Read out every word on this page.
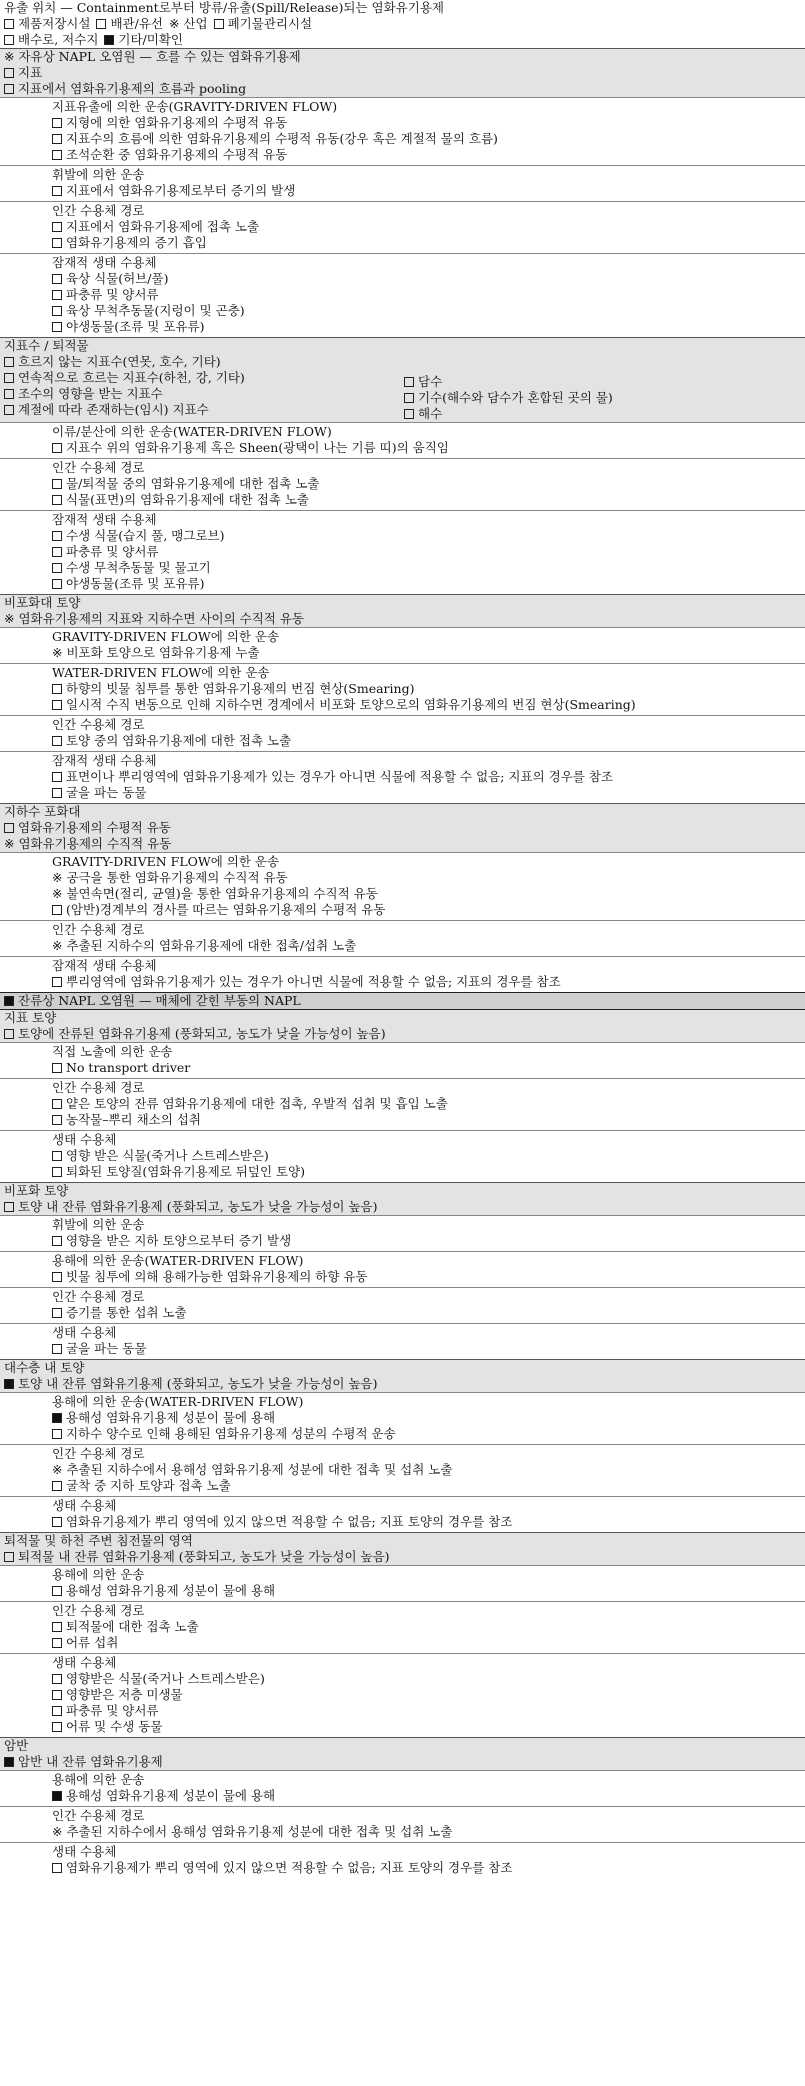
유출 위치 — Containment로부터 방류/유출(Spill/Release)되는 염화유기용제
제품저장시설 배관/유선 ※ 산업 폐기물관리시설
배수로, 저수지 기타/미확인
※ 자유상 NAPL 오염원 — 흐를 수 있는 염화유기용제
지표
지표에서 염화유기용제의 흐름과 pooling
지표유출에 의한 운송(GRAVITY-DRIVEN FLOW)
지형에 의한 염화유기용제의 수평적 유동
지표수의 흐름에 의한 염화유기용제의 수평적 유동(강우 혹은 계절적 물의 흐름)
조석순환 중 염화유기용제의 수평적 유동
휘발에 의한 운송
지표에서 염화유기용제로부터 증기의 발생
인간 수용체 경로
지표에서 염화유기용제에 접촉 노출
염화유기용제의 증기 흡입
잠재적 생태 수용체
육상 식물(허브/풀)
파충류 및 양서류
육상 무척추동물(지렁이 및 곤충)
야생동물(조류 및 포유류)
지표수 / 퇴적물
흐르지 않는 지표수(연못, 호수, 기타)
연속적으로 흐르는 지표수(하천, 강, 기타)
조수의 영향을 받는 지표수
계절에 따라 존재하는(임시) 지표수
담수
기수(해수와 담수가 혼합된 곳의 물)
해수
이류/분산에 의한 운송(WATER-DRIVEN FLOW)
지표수 위의 염화유기용제 혹은 Sheen(광택이 나는 기름 띠)의 움직임
인간 수용체 경로
물/퇴적물 중의 염화유기용제에 대한 접촉 노출
식물(표면)의 염화유기용제에 대한 접촉 노출
잠재적 생태 수용체
수생 식물(습지 풀, 맹그로브)
파충류 및 양서류
수생 무척추동물 및 물고기
야생동물(조류 및 포유류)
비포화대 토양
※ 염화유기용제의 지표와 지하수면 사이의 수직적 유동
GRAVITY-DRIVEN FLOW에 의한 운송
※ 비포화 토양으로 염화유기용제 누출
WATER-DRIVEN FLOW에 의한 운송
하향의 빗물 침투를 통한 염화유기용제의 번짐 현상(Smearing)
일시적 수직 변동으로 인해 지하수면 경계에서 비포화 토양으로의 염화유기용제의 번짐 현상(Smearing)
인간 수용체 경로
토양 중의 염화유기용제에 대한 접촉 노출
잠재적 생태 수용체
표면이나 뿌리영역에 염화유기용제가 있는 경우가 아니면 식물에 적용할 수 없음; 지표의 경우를 참조
굴을 파는 동물
지하수 포화대
염화유기용제의 수평적 유동
※ 염화유기용제의 수직적 유동
GRAVITY-DRIVEN FLOW에 의한 운송
※ 공극을 통한 염화유기용제의 수직적 유동
※ 불연속면(절리, 균열)을 통한 염화유기용제의 수직적 유동
(암반)경계부의 경사를 따르는 염화유기용제의 수평적 유동
인간 수용체 경로
※ 추출된 지하수의 염화유기용제에 대한 접촉/섭취 노출
잠재적 생태 수용체
뿌리영역에 염화유기용제가 있는 경우가 아니면 식물에 적용할 수 없음; 지표의 경우를 참조
잔류상 NAPL 오염원 — 매체에 갇힌 부동의 NAPL
지표 토양
토양에 잔류된 염화유기용제 (풍화되고, 농도가 낮을 가능성이 높음)
직접 노출에 의한 운송
No transport driver
인간 수용체 경로
얕은 토양의 잔류 염화유기용제에 대한 접촉, 우발적 섭취 및 흡입 노출
농작물–뿌리 채소의 섭취
생태 수용체
영향 받은 식물(죽거나 스트레스받은)
퇴화된 토양질(염화유기용제로 뒤덮인 토양)
비포화 토양
토양 내 잔류 염화유기용제 (풍화되고, 농도가 낮을 가능성이 높음)
휘발에 의한 운송
영향을 받은 지하 토양으로부터 증기 발생
용해에 의한 운송(WATER-DRIVEN FLOW)
빗물 침투에 의해 용해가능한 염화유기용제의 하향 유동
인간 수용체 경로
증기를 통한 섭취 노출
생태 수용체
굴을 파는 동물
대수층 내 토양
토양 내 잔류 염화유기용제 (풍화되고, 농도가 낮을 가능성이 높음)
용해에 의한 운송(WATER-DRIVEN FLOW)
용해성 염화유기용제 성분이 물에 용해
지하수 양수로 인해 용해된 염화유기용제 성분의 수평적 운송
인간 수용체 경로
※ 추출된 지하수에서 용해성 염화유기용제 성분에 대한 접촉 및 섭취 노출
굴착 중 지하 토양과 접촉 노출
생태 수용체
염화유기용제가 뿌리 영역에 있지 않으면 적용할 수 없음; 지표 토양의 경우를 참조
퇴적물 및 하천 주변 침전물의 영역
퇴적물 내 잔류 염화유기용제 (풍화되고, 농도가 낮을 가능성이 높음)
용해에 의한 운송
용해성 염화유기용제 성분이 물에 용해
인간 수용체 경로
퇴적물에 대한 접촉 노출
어류 섭취
생태 수용체
영향받은 식물(죽거나 스트레스받은)
영향받은 저층 미생물
파충류 및 양서류
어류 및 수생 동물
암반
암반 내 잔류 염화유기용제
용해에 의한 운송
용해성 염화유기용제 성분이 물에 용해
인간 수용체 경로
※ 추출된 지하수에서 용해성 염화유기용제 성분에 대한 접촉 및 섭취 노출
생태 수용체
염화유기용제가 뿌리 영역에 있지 않으면 적용할 수 없음; 지표 토양의 경우를 참조
